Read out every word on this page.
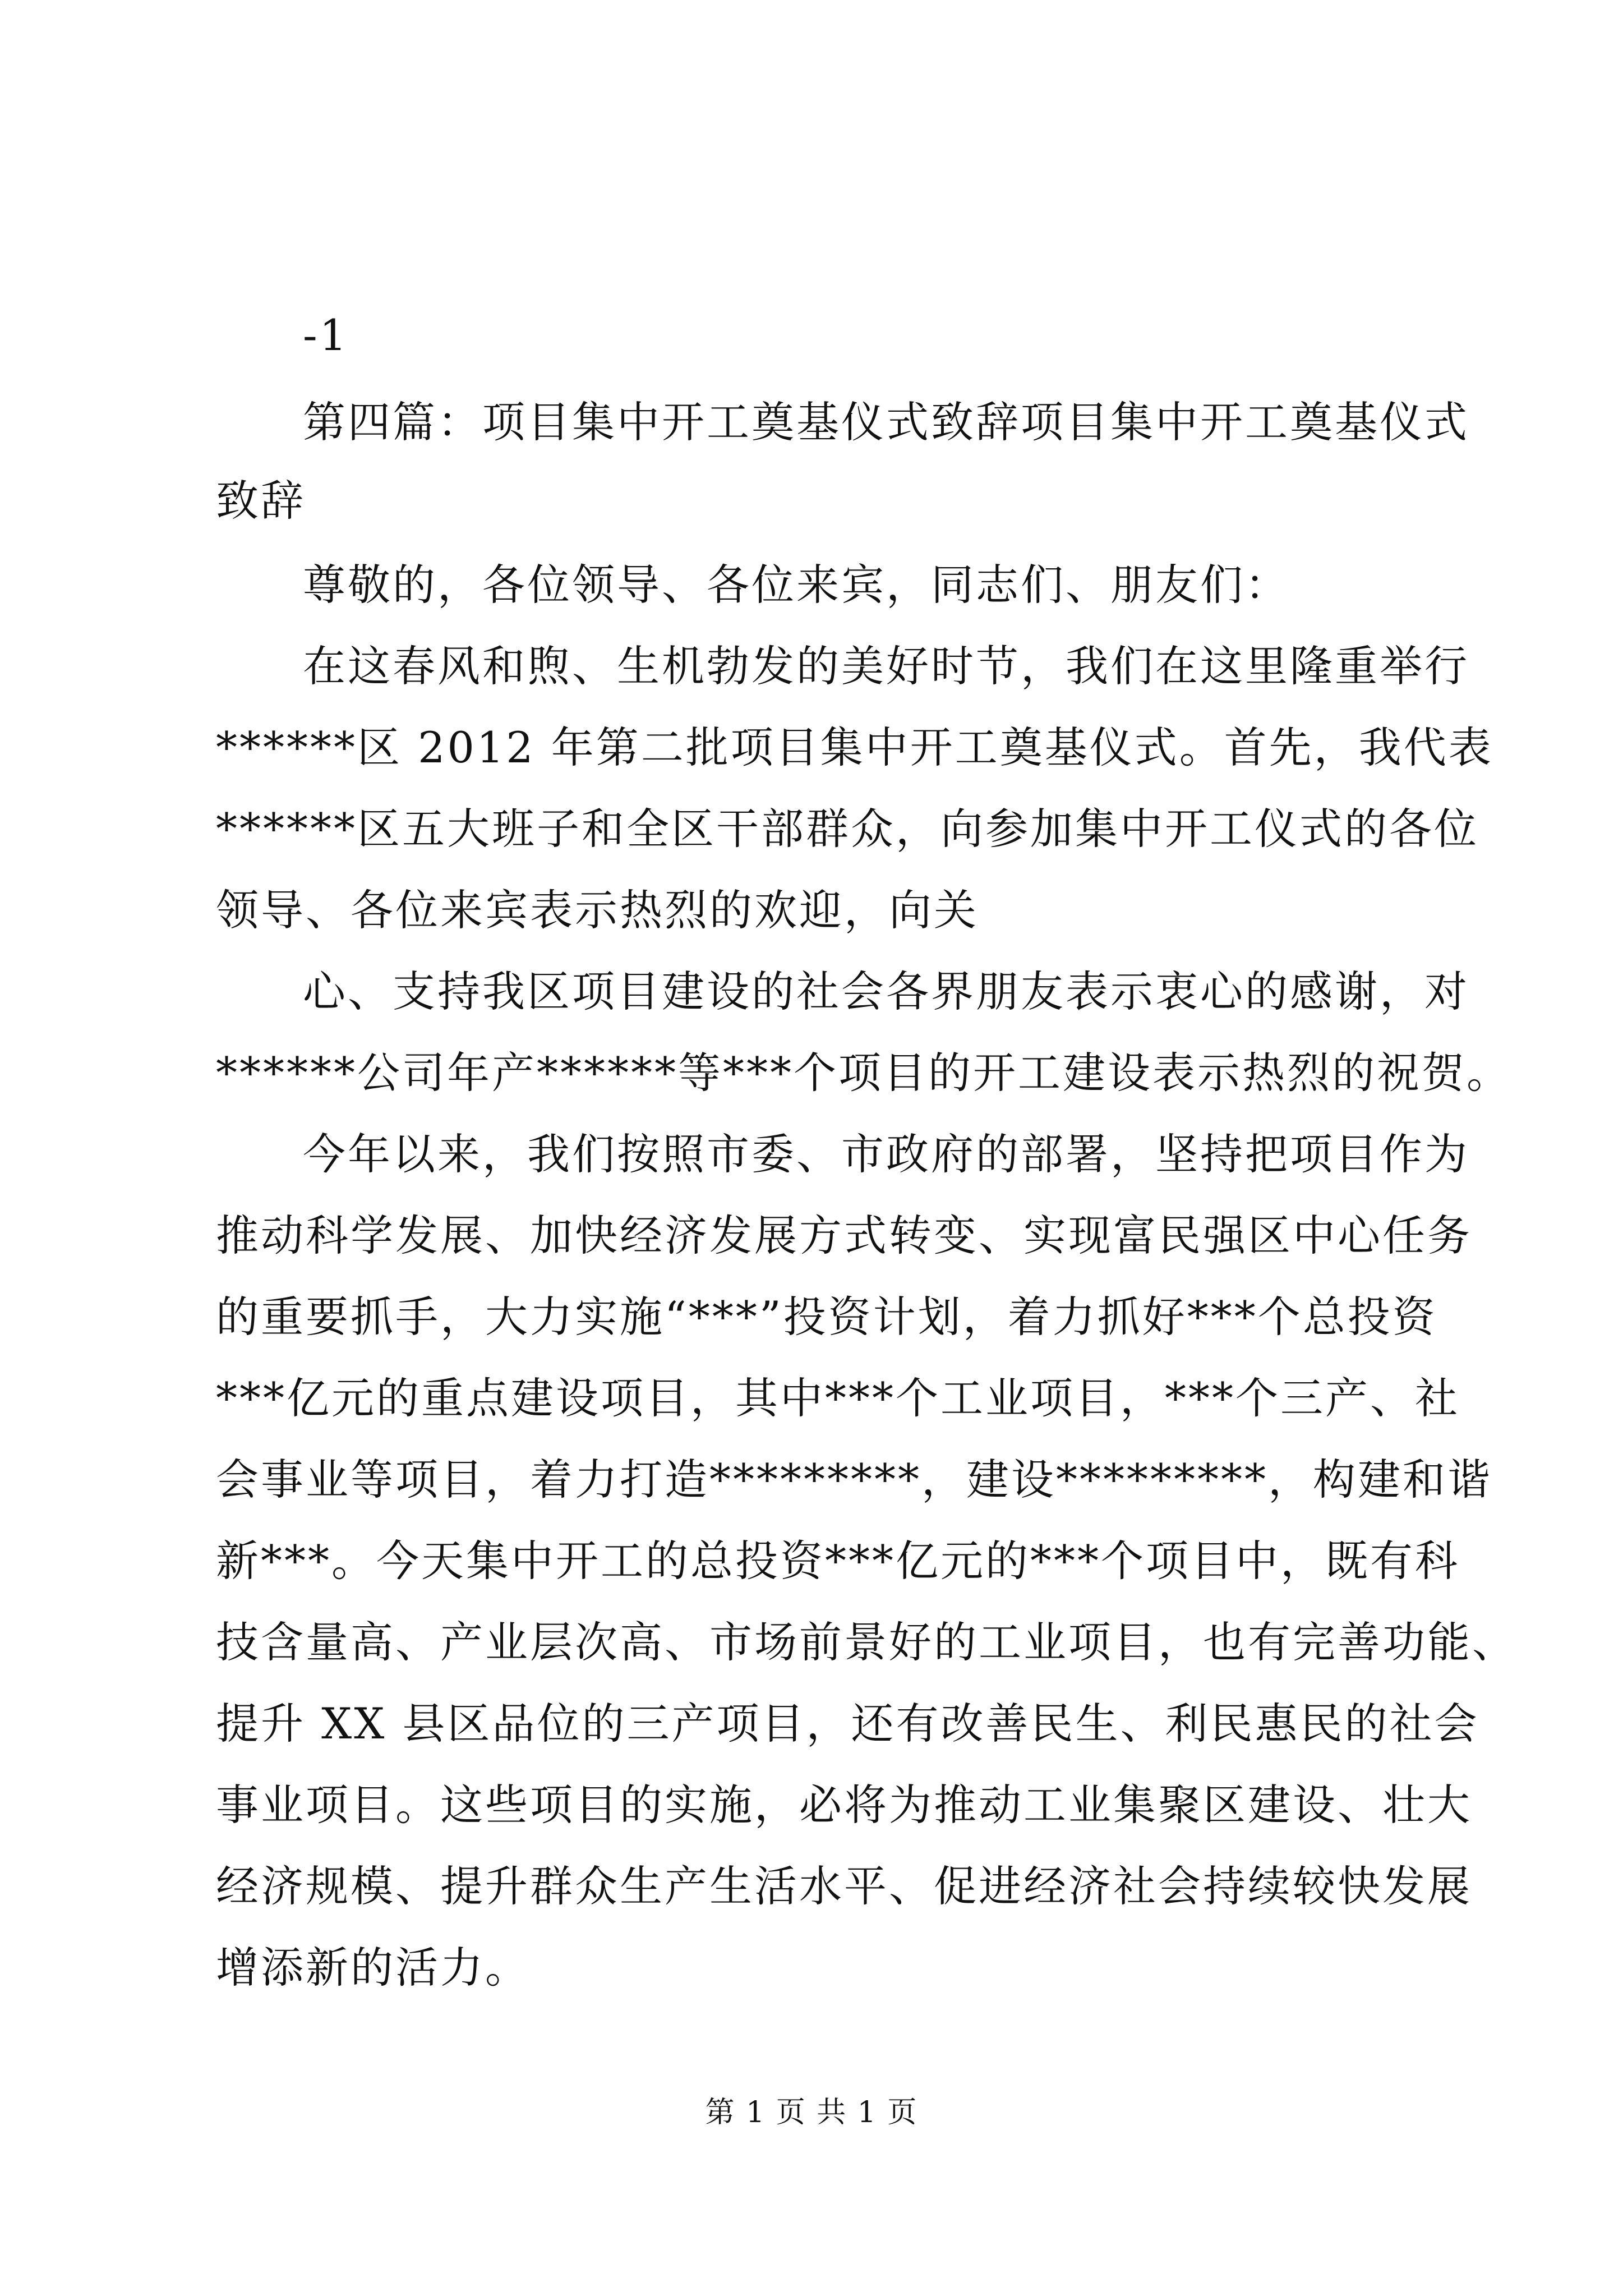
-1
第四篇：项目集中开工奠基仪式致辞项目集中开工奠基仪式
致辞
尊敬的，各位领导、各位来宾，同志们、朋友们：
在这春风和煦、生机勃发的美好时节，我们在这里隆重举行
******区 2012 年第二批项目集中开工奠基仪式。首先，我代表
******区五大班子和全区干部群众，向参加集中开工仪式的各位
领导、各位来宾表示热烈的欢迎，向关
心、支持我区项目建设的社会各界朋友表示衷心的感谢，对
******公司年产******等***个项目的开工建设表示热烈的祝贺。
今年以来，我们按照市委、市政府的部署，坚持把项目作为
推动科学发展、加快经济发展方式转变、实现富民强区中心任务
的重要抓手，大力实施“***”投资计划，着力抓好***个总投资
***亿元的重点建设项目，其中***个工业项目，***个三产、社
会事业等项目，着力打造*********，建设*********，构建和谐
新***。今天集中开工的总投资***亿元的***个项目中，既有科
技含量高、产业层次高、市场前景好的工业项目，也有完善功能、
提升 XX 县区品位的三产项目，还有改善民生、利民惠民的社会
事业项目。这些项目的实施，必将为推动工业集聚区建设、壮大
经济规模、提升群众生产生活水平、促进经济社会持续较快发展
增添新的活力。
第 1 页 共 1 页
